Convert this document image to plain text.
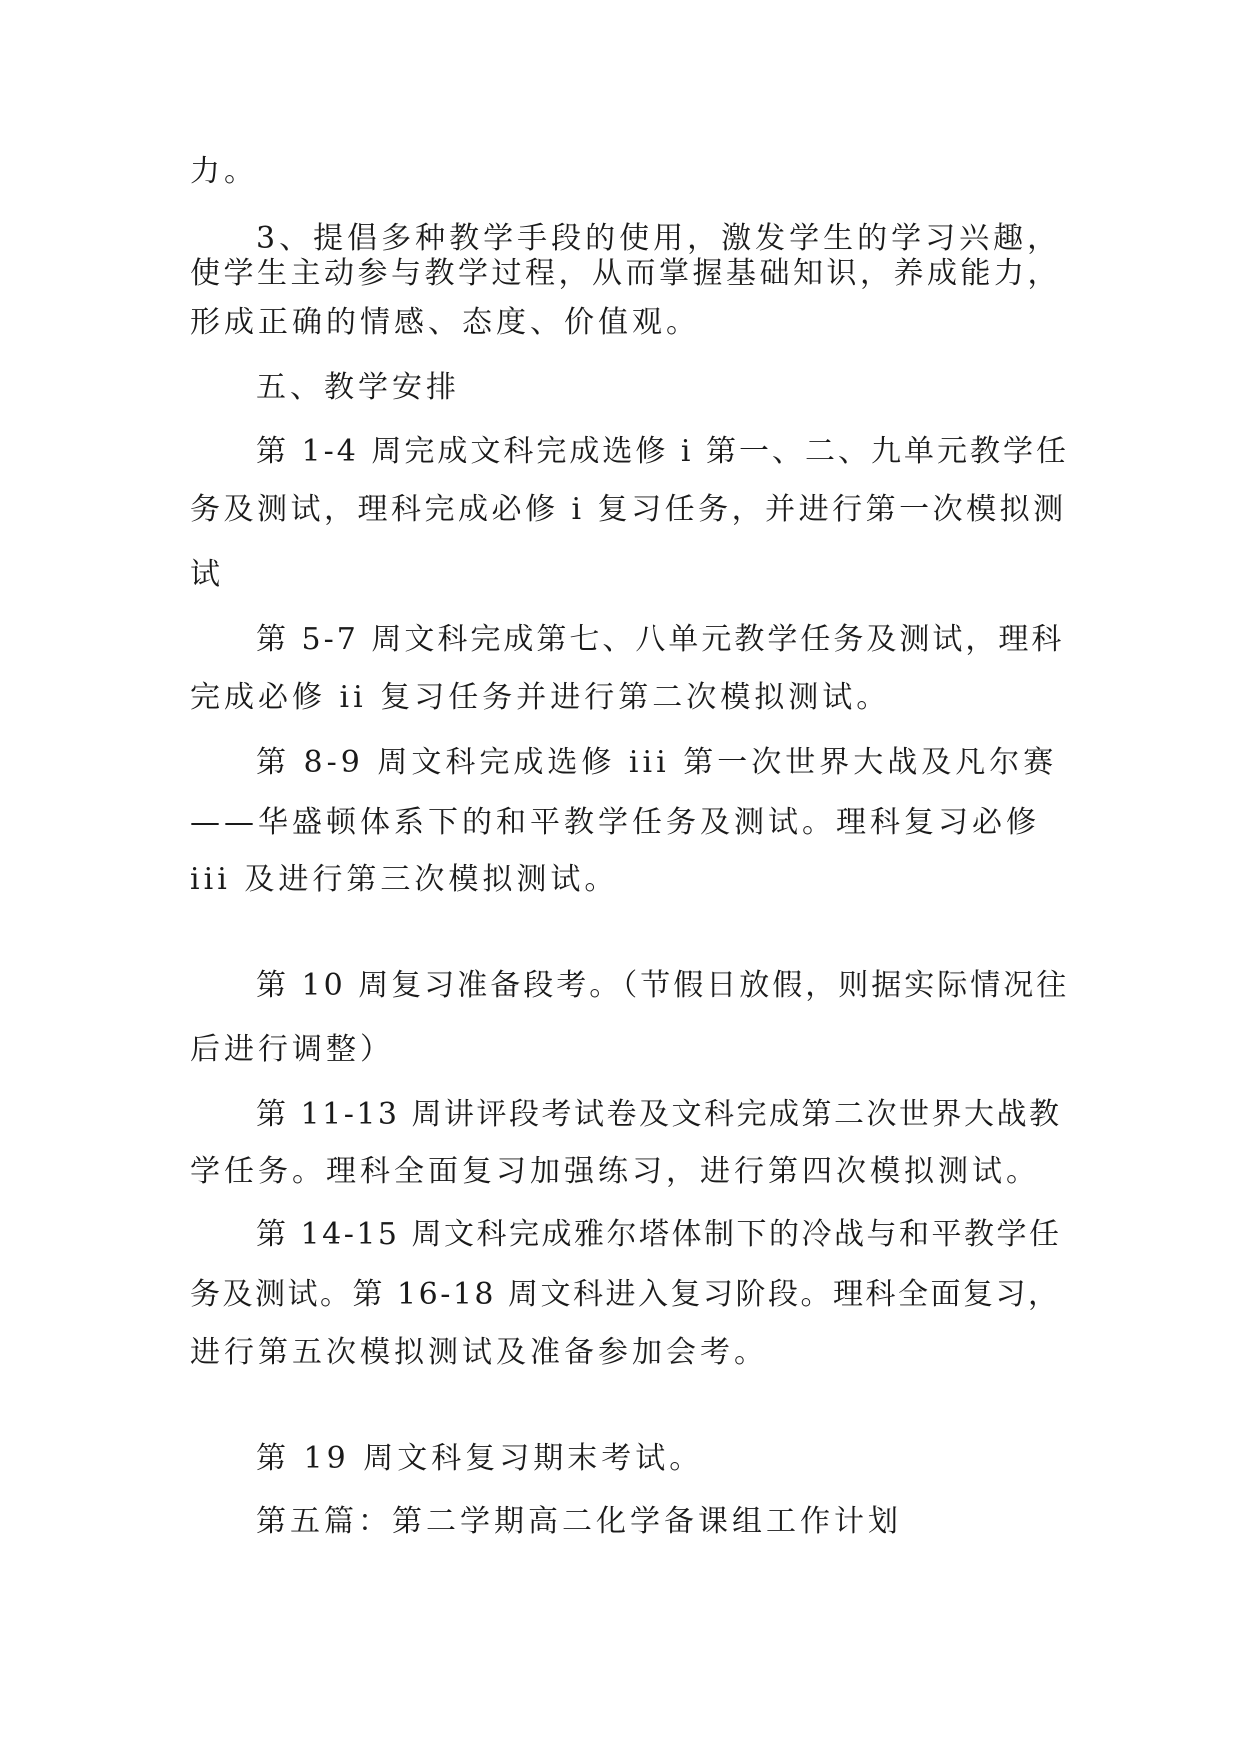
力。
3、提倡多种教学手段的使用，激发学生的学习兴趣，
使学生主动参与教学过程，从而掌握基础知识，养成能力，
形成正确的情感、态度、价值观。
五、教学安排
第 1-4 周完成文科完成选修 i 第一、二、九单元教学任
务及测试，理科完成必修 i 复习任务，并进行第一次模拟测
试
第 5-7 周文科完成第七、八单元教学任务及测试，理科
完成必修 ii 复习任务并进行第二次模拟测试。
第 8-9 周文科完成选修 iii 第一次世界大战及凡尔赛
——华盛顿体系下的和平教学任务及测试。理科复习必修
iii 及进行第三次模拟测试。
第 10 周复习准备段考。（节假日放假，则据实际情况往
后进行调整）
第 11-13 周讲评段考试卷及文科完成第二次世界大战教
学任务。理科全面复习加强练习，进行第四次模拟测试。
第 14-15 周文科完成雅尔塔体制下的冷战与和平教学任
务及测试。第 16-18 周文科进入复习阶段。理科全面复习，
进行第五次模拟测试及准备参加会考。
第 19 周文科复习期末考试。
第五篇：第二学期高二化学备课组工作计划
